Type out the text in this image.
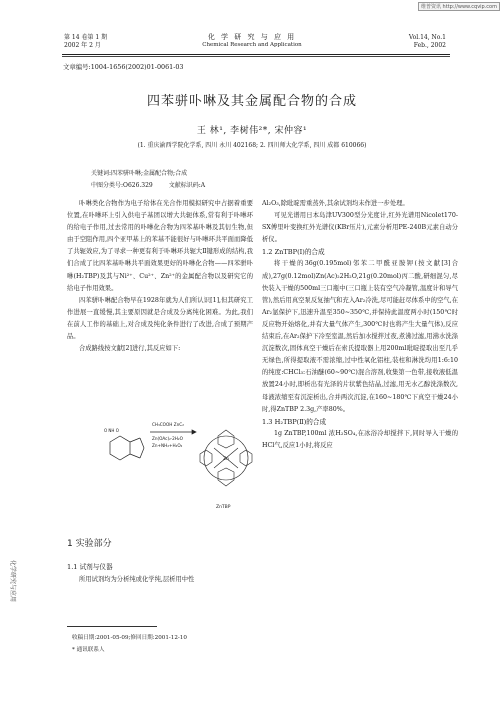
维普资讯 http://www.cqvip.com
第 14 卷第 1 期
2002 年 2 月
化 学 研 究 与 应 用
Chemical Research and Application
Vol.14, No.1
Feb., 2002
文章编号:1004-1656(2002)01-0061-03
四苯骈卟啉及其金属配合物的合成
王 林¹, 李树伟²*, 宋仲容¹
(1. 重庆渝西学院化学系, 四川 永川 402168; 2. 四川师大化学系, 四川 成都 610066)
关键词:四苯骈卟啉;金属配合物;合成
中图分类号:O626.329	文献标识码:A

卟啉类化合物作为电子给体在光合作用模拟研究中占据着重要位置,在卟啉环上引入供电子基团以增大共轭体系,常有利于卟啉环的给电子作用,过去常用的卟啉化合物为四苯基卟啉及其衍生物,但由于空阻作用,四个亚甲基上的苯基不能很好与卟啉环共平面而降低了共轭效应,为了寻求一种更有利于卟啉环共轭大Ⅱ键形成的结构,我们合成了比四苯基卟啉共平面效果更好的卟啉化合物——四苯骈卟啉(H₂TBP)及其与Ni²⁺、Cu²⁺、Zn²⁺的金属配合物以及研究它的给电子作用效果。

四苯骈卟啉配合物早在1928年就为人们所认识[1],但其研究工作进展一直缓慢,其主要原因就是合成及分离纯化困难。为此,我们在前人工作的基础上,对合成及纯化条件进行了改进,合成了预期产品。

合成路线按文献[2]进行,其反应如下:

O NH O
CH₃COOH ZnC₂
Zn(OAc)₂·2H₂O
Zn+NH₂+H₂O₂
Zn
ZnTBP
1 实验部分
1.1 试剂与仪器
所用试剂均为分析纯或化学纯,层析用中性
收稿日期:2001-05-09;修回日期:2001-12-10
* 通讯联系人

Al₂O₃,除吡啶需重蒸外,其余试剂均未作进一步处理。

可见光谱用日本岛津UV300型分光度计,红外光谱用Nicolet170-SX傅里叶变换红外光谱仪(KBr压片),元素分析用PE-240B元素自动分析仪。

1.2 ZnTBP(Ⅰ)的合成

将干燥的36g(0.195mol)邻苯二甲酰亚胺钾(按文献[3]合成),27g(0.12mol)Zn(Ac)₂2H₂O,21g(0.20mol)丙二酸,研细混匀,尽快装入干燥的500ml三口瓶中(三口瓶上装有空气冷凝管,温度计和导气管),然后用真空泵反复抽气和充入Ar₂冷洗,尽可能赶尽体系中的空气,在Ar₂氩保护下,迅速升温至350~350℃,并保持此温度两小时(150℃时反应物开始熔化,并有大量气体产生,300℃时也将产生大量气体),反应结束后,在Ar₂保护下冷至室温,然后加水搅拌过夜,煮沸过滤,用沸水洗涤沉淀数次,固体真空干燥后在索氏提取器上用200ml吡啶提取出至几乎无绿色,所得提取液不需浓缩,过中性氧化铝柱,装柱和淋洗均用1:6:10的纯度:CHCl₃:石油醚(60~90℃)混合溶剂,收集第一色带,接收液低温放置24小时,即析出有光泽的片状紫色结晶,过滤,用无水乙醇洗涤数次,母液浓缩至有沉淀析出,合并两次沉淀,在160~180℃下真空干燥24小时,得ZnTBP 2.3g,产率80%。

1.3 H₂TBP(Ⅱ)的合成

1g ZnTBP,100ml 浓H₂SO₄,在冰浴冷却搅拌下,同时导入干燥的HCl气,反应1小时,将反应

化学研究与应用
